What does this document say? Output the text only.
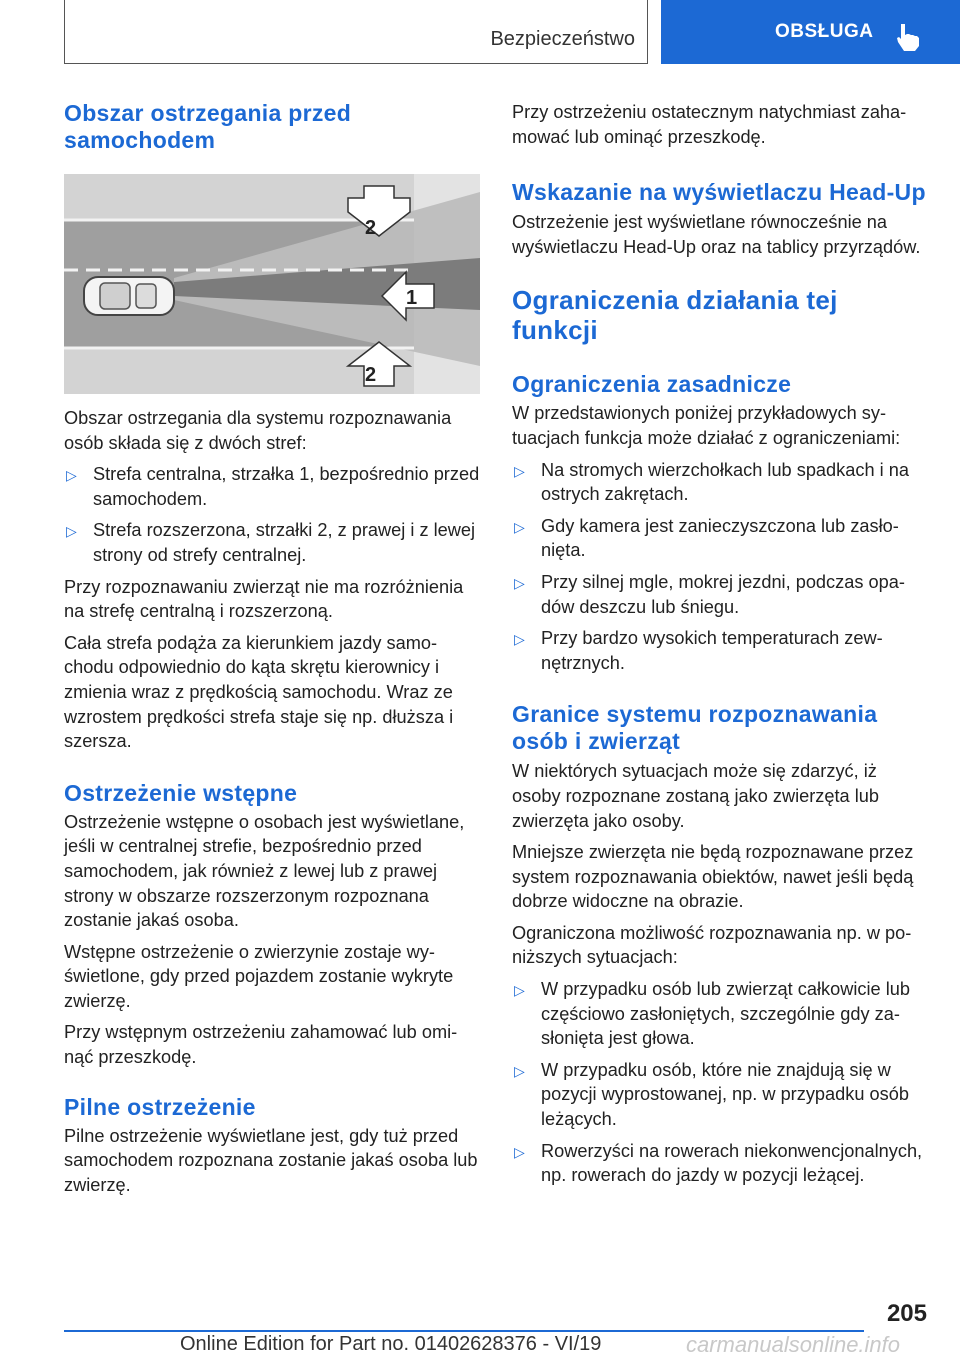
Bezpieczeństwo	OBSŁUGA
Obszar ostrzegania przed samochodem
2
1
2

Obszar ostrzegania dla systemu rozpoznawania osób składa się z dwóch stref:

▷ Strefa centralna, strzałka 1, bezpośrednio przed samochodem.
▷ Strefa rozszerzona, strzałki 2, z prawej i z lewej strony od strefy centralnej.

Przy rozpoznawaniu zwierząt nie ma rozróżnienia na strefę centralną i rozszerzoną.

Cała strefa podąża za kierunkiem jazdy samochodu odpowiednio do kąta skrętu kierownicy i zmienia wraz z prędkością samochodu. Wraz ze wzrostem prędkości strefa staje się np. dłuższa i szersza.

Ostrzeżenie wstępne

Ostrzeżenie wstępne o osobach jest wyświetlane, jeśli w centralnej strefie, bezpośrednio przed samochodem, jak również z lewej lub z prawej strony w obszarze rozszerzonym rozpoznana zostanie jakaś osoba.

Wstępne ostrzeżenie o zwierzynie zostaje wyświetlone, gdy przed pojazdem zostanie wykryte zwierzę.

Przy wstępnym ostrzeżeniu zahamować lub ominąć przeszkodę.

Pilne ostrzeżenie

Pilne ostrzeżenie wyświetlane jest, gdy tuż przed samochodem rozpoznana zostanie jakaś osoba lub zwierzę.

Przy ostrzeżeniu ostatecznym natychmiast zahamować lub ominąć przeszkodę.

Wskazanie na wyświetlaczu Head-Up

Ostrzeżenie jest wyświetlane równocześnie na wyświetlaczu Head-Up oraz na tablicy przyrządów.

Ograniczenia działania tej funkcji
Ograniczenia zasadnicze

W przedstawionych poniżej przykładowych sytuacjach funkcja może działać z ograniczeniami:

▷ Na stromych wierzchołkach lub spadkach i na ostrych zakrętach.
▷ Gdy kamera jest zanieczyszczona lub zasłonięta.
▷ Przy silnej mgle, mokrej jezdni, podczas opadów deszczu lub śniegu.
▷ Przy bardzo wysokich temperaturach zewnętrznych.
Granice systemu rozpoznawania osób i zwierząt

W niektórych sytuacjach może się zdarzyć, iż osoby rozpoznane zostaną jako zwierzęta lub zwierzęta jako osoby.

Mniejsze zwierzęta nie będą rozpoznawane przez system rozpoznawania obiektów, nawet jeśli będą dobrze widoczne na obrazie.

Ograniczona możliwość rozpoznawania np. w poniższych sytuacjach:

▷ W przypadku osób lub zwierząt całkowicie lub częściowo zasłoniętych, szczególnie gdy zasłonięta jest głowa.
▷ W przypadku osób, które nie znajdują się w pozycji wyprostowanej, np. w przypadku osób leżących.
▷ Rowerzyści na rowerach niekonwencjonalnych, np. rowerach do jazdy w pozycji leżącej.
205
Online Edition for Part no. 01402628376 - VI/19	carmanualsonline.info
